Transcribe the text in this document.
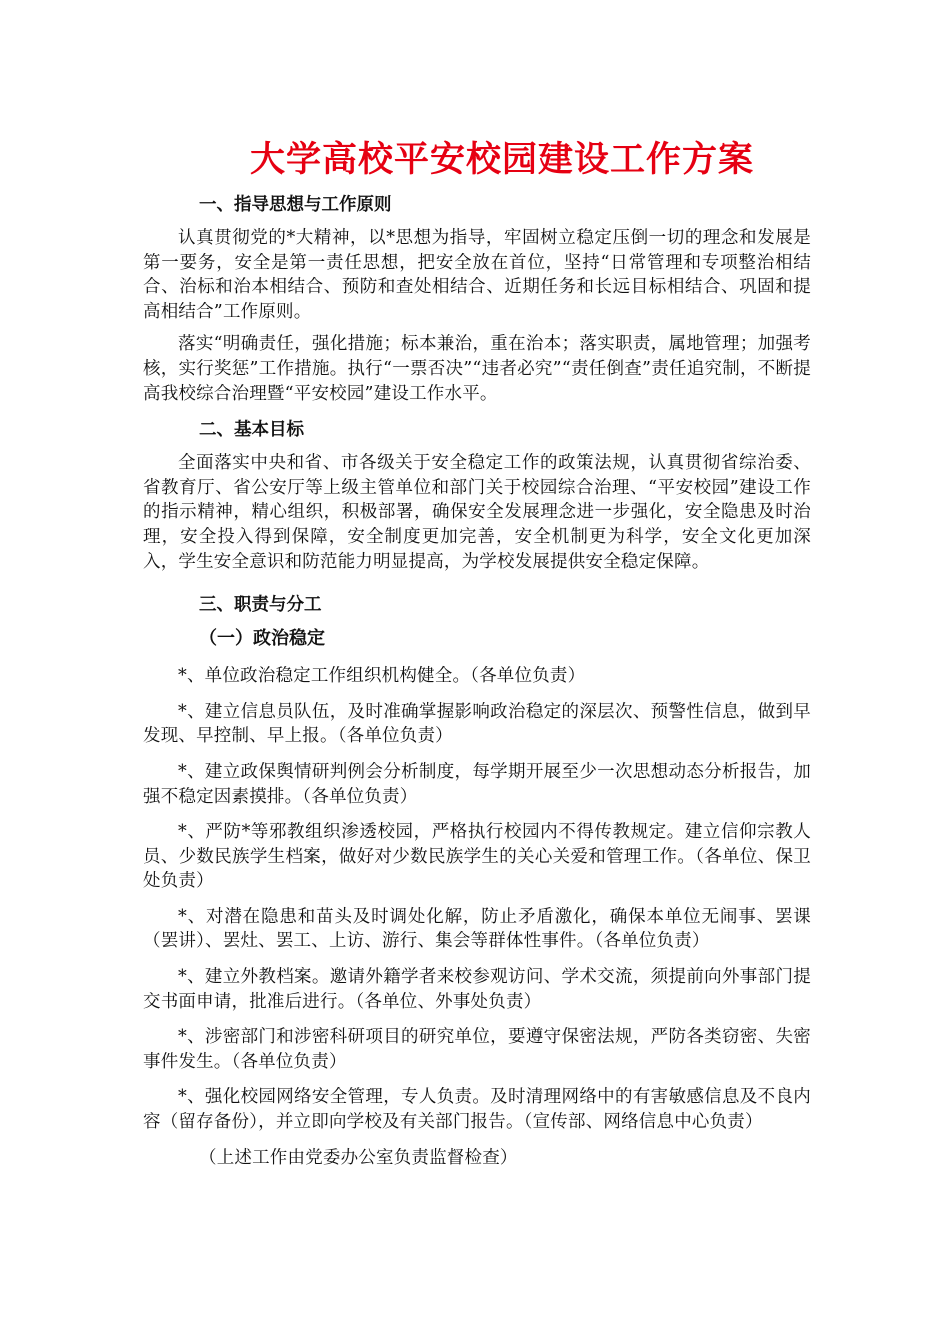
大学高校平安校园建设工作方案
一、指导思想与工作原则

认真贯彻党的*大精神，以*思想为指导，牢固树立稳定压倒一切的理念和发展是第一要务，安全是第一责任思想，把安全放在首位，坚持“日常管理和专项整治相结合、治标和治本相结合、预防和查处相结合、近期任务和长远目标相结合、巩固和提高相结合”工作原则。

落实“明确责任，强化措施；标本兼治，重在治本；落实职责，属地管理；加强考核，实行奖惩”工作措施。执行“一票否决”“违者必究”“责任倒查”责任追究制，不断提高我校综合治理暨“平安校园”建设工作水平。

二、基本目标

全面落实中央和省、市各级关于安全稳定工作的政策法规，认真贯彻省综治委、省教育厅、省公安厅等上级主管单位和部门关于校园综合治理、“平安校园”建设工作的指示精神，精心组织，积极部署，确保安全发展理念进一步强化，安全隐患及时治理，安全投入得到保障，安全制度更加完善，安全机制更为科学，安全文化更加深入，学生安全意识和防范能力明显提高，为学校发展提供安全稳定保障。

三、职责与分工
（一）政治稳定

*、单位政治稳定工作组织机构健全。（各单位负责）

*、建立信息员队伍，及时准确掌握影响政治稳定的深层次、预警性信息，做到早发现、早控制、早上报。（各单位负责）

*、建立政保舆情研判例会分析制度，每学期开展至少一次思想动态分析报告，加强不稳定因素摸排。（各单位负责）

*、严防*等邪教组织渗透校园，严格执行校园内不得传教规定。建立信仰宗教人员、少数民族学生档案，做好对少数民族学生的关心关爱和管理工作。（各单位、保卫处负责）

*、对潜在隐患和苗头及时调处化解，防止矛盾激化，确保本单位无闹事、罢课（罢讲）、罢灶、罢工、上访、游行、集会等群体性事件。（各单位负责）

*、建立外教档案。邀请外籍学者来校参观访问、学术交流，须提前向外事部门提交书面申请，批准后进行。（各单位、外事处负责）

*、涉密部门和涉密科研项目的研究单位，要遵守保密法规，严防各类窃密、失密事件发生。（各单位负责）

*、强化校园网络安全管理，专人负责。及时清理网络中的有害敏感信息及不良内容（留存备份），并立即向学校及有关部门报告。（宣传部、网络信息中心负责）

（上述工作由党委办公室负责监督检查）
